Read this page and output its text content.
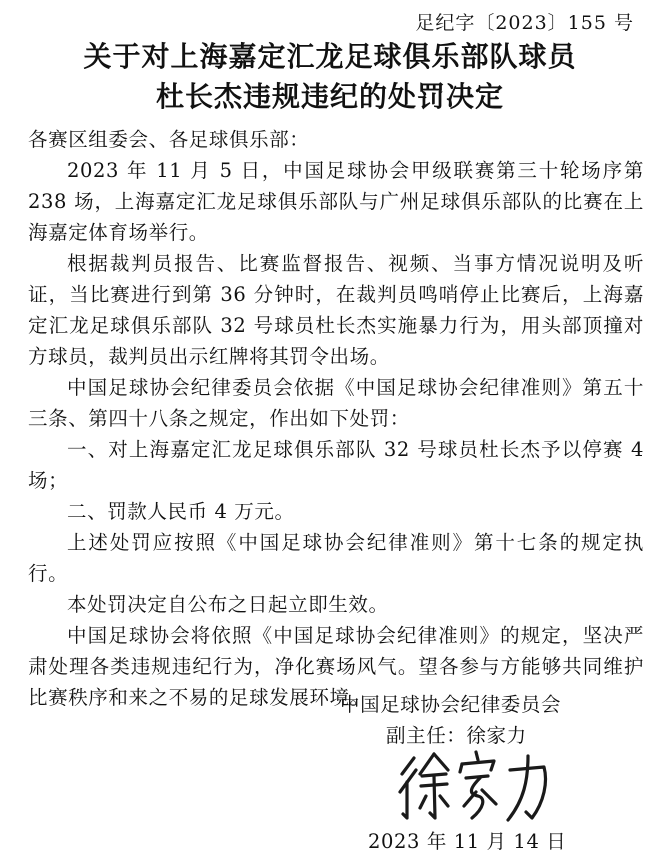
足纪字〔2023〕155 号
关于对上海嘉定汇龙足球俱乐部队球员
杜长杰违规违纪的处罚决定

各赛区组委会、各足球俱乐部：

2023 年 11 月 5 日，中国足球协会甲级联赛第三十轮场序第 238 场，上海嘉定汇龙足球俱乐部队与广州足球俱乐部队的比赛在上海嘉定体育场举行。

根据裁判员报告、比赛监督报告、视频、当事方情况说明及听证，当比赛进行到第 36 分钟时，在裁判员鸣哨停止比赛后，上海嘉定汇龙足球俱乐部队 32 号球员杜长杰实施暴力行为，用头部顶撞对方球员，裁判员出示红牌将其罚令出场。

中国足球协会纪律委员会依据《中国足球协会纪律准则》第五十三条、第四十八条之规定，作出如下处罚：

一、对上海嘉定汇龙足球俱乐部队 32 号球员杜长杰予以停赛 4 场；

二、罚款人民币 4 万元。

上述处罚应按照《中国足球协会纪律准则》第十七条的规定执行。

本处罚决定自公布之日起立即生效。

中国足球协会将依照《中国足球协会纪律准则》的规定，坚决严肃处理各类违规违纪行为，净化赛场风气。望各参与方能够共同维护比赛秩序和来之不易的足球发展环境。

中国足球协会纪律委员会
副主任：徐家力
2023 年 11 月 14 日
